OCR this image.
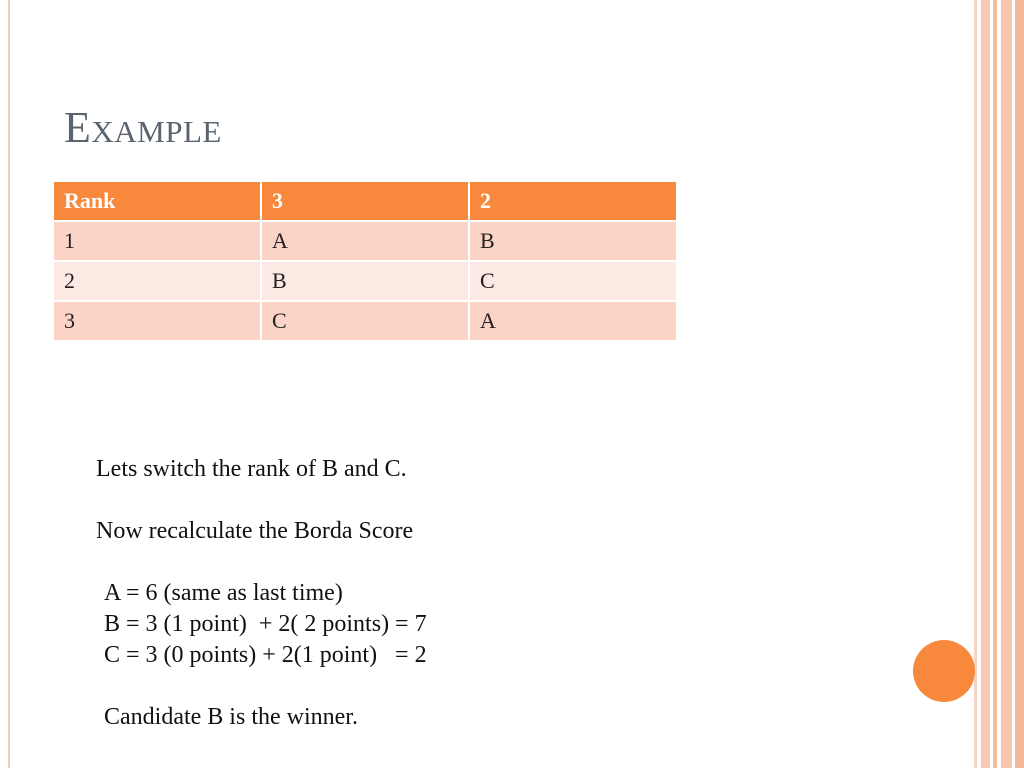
Example
Rank	3	2
1	A	B
2	B	C
3	C	A

Lets switch the rank of B and C.

Now recalculate the Borda Score

A = 6 (same as last time)

B = 3 (1 point)  + 2( 2 points) = 7

C = 3 (0 points) + 2(1 point)   = 2

Candidate B is the winner.
